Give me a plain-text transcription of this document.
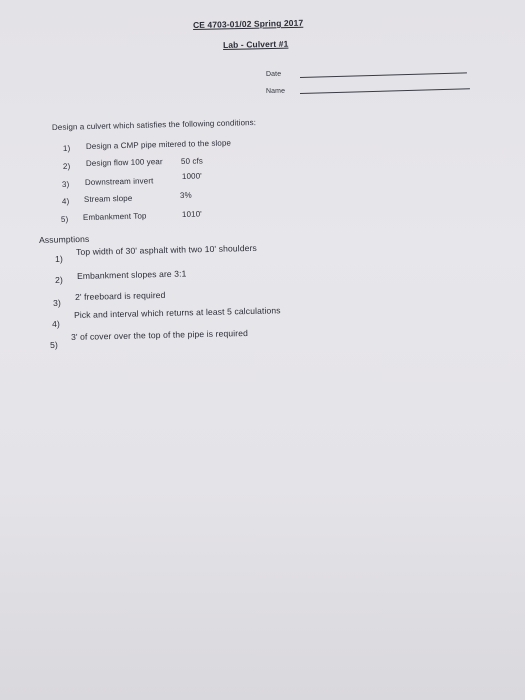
CE 4703-01/02 Spring 2017
Lab - Culvert #1
Date
Name
Design a culvert which satisfies the following conditions:
1) Design a CMP pipe mitered to the slope
2) Design flow 100 year 50 cfs
3) Downstream invert
1000'
4) Stream slope	3%
5) Embankment Top	1010'
Assumptions
1)
Top width of 30' asphalt with two 10' shoulders
2) Embankment slopes are 3:1
3)
2' freeboard is required
4)
Pick and interval which returns at least 5 calculations
5)
3' of cover over the top of the pipe is required
